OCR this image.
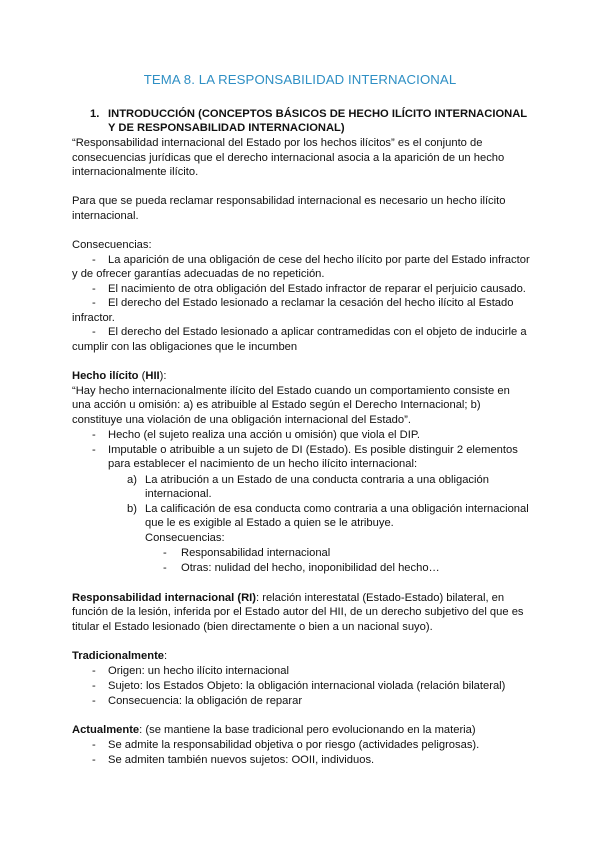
TEMA 8. LA RESPONSABILIDAD INTERNACIONAL

1. INTRODUCCIÓN (CONCEPTOS BÁSICOS DE HECHO ILÍCITO INTERNACIONAL

Y DE RESPONSABILIDAD INTERNACIONAL)

“Responsabilidad internacional del Estado por los hechos ilícitos” es el conjunto de

consecuencias jurídicas que el derecho internacional asocia a la aparición de un hecho

internacionalmente ilícito.

Para que se pueda reclamar responsabilidad internacional es necesario un hecho ilícito

internacional.

Consecuencias:

- La aparición de una obligación de cese del hecho ilícito por parte del Estado infractor

y de ofrecer garantías adecuadas de no repetición.

- El nacimiento de otra obligación del Estado infractor de reparar el perjuicio causado.

- El derecho del Estado lesionado a reclamar la cesación del hecho ilícito al Estado

infractor.

- El derecho del Estado lesionado a aplicar contramedidas con el objeto de inducirle a

cumplir con las obligaciones que le incumben

Hecho ilícito (HII):

“Hay hecho internacionalmente ilícito del Estado cuando un comportamiento consiste en

una acción u omisión: a) es atribuible al Estado según el Derecho Internacional; b)

constituye una violación de una obligación internacional del Estado”.

- Hecho (el sujeto realiza una acción u omisión) que viola el DIP.

- Imputable o atribuible a un sujeto de DI (Estado). Es posible distinguir 2 elementos

para establecer el nacimiento de un hecho ilícito internacional:

a) La atribución a un Estado de una conducta contraria a una obligación

internacional.

b) La calificación de esa conducta como contraria a una obligación internacional

que le es exigible al Estado a quien se le atribuye.

Consecuencias:

- Responsabilidad internacional

- Otras: nulidad del hecho, inoponibilidad del hecho…

Responsabilidad internacional (RI): relación interestatal (Estado-Estado) bilateral, en

función de la lesión, inferida por el Estado autor del HII, de un derecho subjetivo del que es

titular el Estado lesionado (bien directamente o bien a un nacional suyo).

Tradicionalmente:

- Origen: un hecho ilícito internacional

- Sujeto: los Estados Objeto: la obligación internacional violada (relación bilateral)

- Consecuencia: la obligación de reparar

Actualmente: (se mantiene la base tradicional pero evolucionando en la materia)

- Se admite la responsabilidad objetiva o por riesgo (actividades peligrosas).

- Se admiten también nuevos sujetos: OOII, individuos.
